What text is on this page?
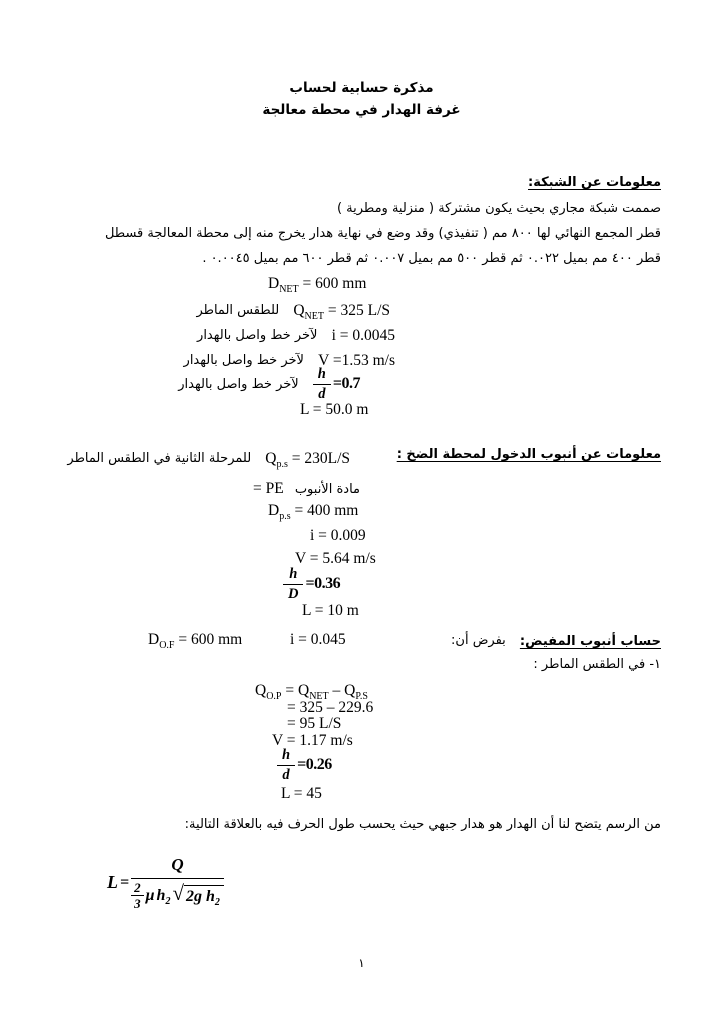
مذكرة حسابية لحساب
غرفة الهدار في محطة معالجة
معلومات عن الشبكة:
صممت شبكة مجاري بحيث يكون مشتركة ( منزلية ومطرية )
قطر المجمع النهائي لها ٨٠٠ مم ( تنفيذي) وقد وضع في نهاية هدار يخرج منه إلى محطة المعالجة قسطل
قطر ٤٠٠ مم بميل ٠.٠٢٢ ثم قطر ٥٠٠ مم بميل ٠.٠٠٧ ثم قطر ٦٠٠ مم بميل ٠.٠٠٤٥ .
$D_{NET} = 600$ mm
$Q_{NET} = 325$ L/S للطقس الماطر
i = 0.0045 لآخر خط واصل بالهدار
V =1.53 m/s لآخر خط واصل بالهدار
$\frac{h}{d} =0.7$ لآخر خط واصل بالهدار
L = 50.0 m
معلومات عن أنبوب الدخول لمحطة الضخ :
$Q_{p.s} = 230L/S$ للمرحلة الثانية في الطقس الماطر
مادة الأنبوب = PE
$D_{p.s} = 400$ mm
i = 0.009
V = 5.64 m/s
$\frac{h}{D} =0.36$
L = 10 m
حساب أنبوب المفيض: بفرض أن:
i = 0.045
$D_{O.F} = 600$ mm
١- في الطقس الماطر :
$Q_{O.P} = Q_{NET} - Q_{P.S}$
= 325 – 229.6
= 95 L/S
V = 1.17 m/s
$\frac{h}{d} =0.26$
L = 45
من الرسم يتضح لنا أن الهدار هو هدار جبهي حيث يحسب طول الحرف فيه بالعلاقة التالية:
$L = \frac{Q}{\frac{2}{3} \mu h_2 √ 2g h_2}$
١
